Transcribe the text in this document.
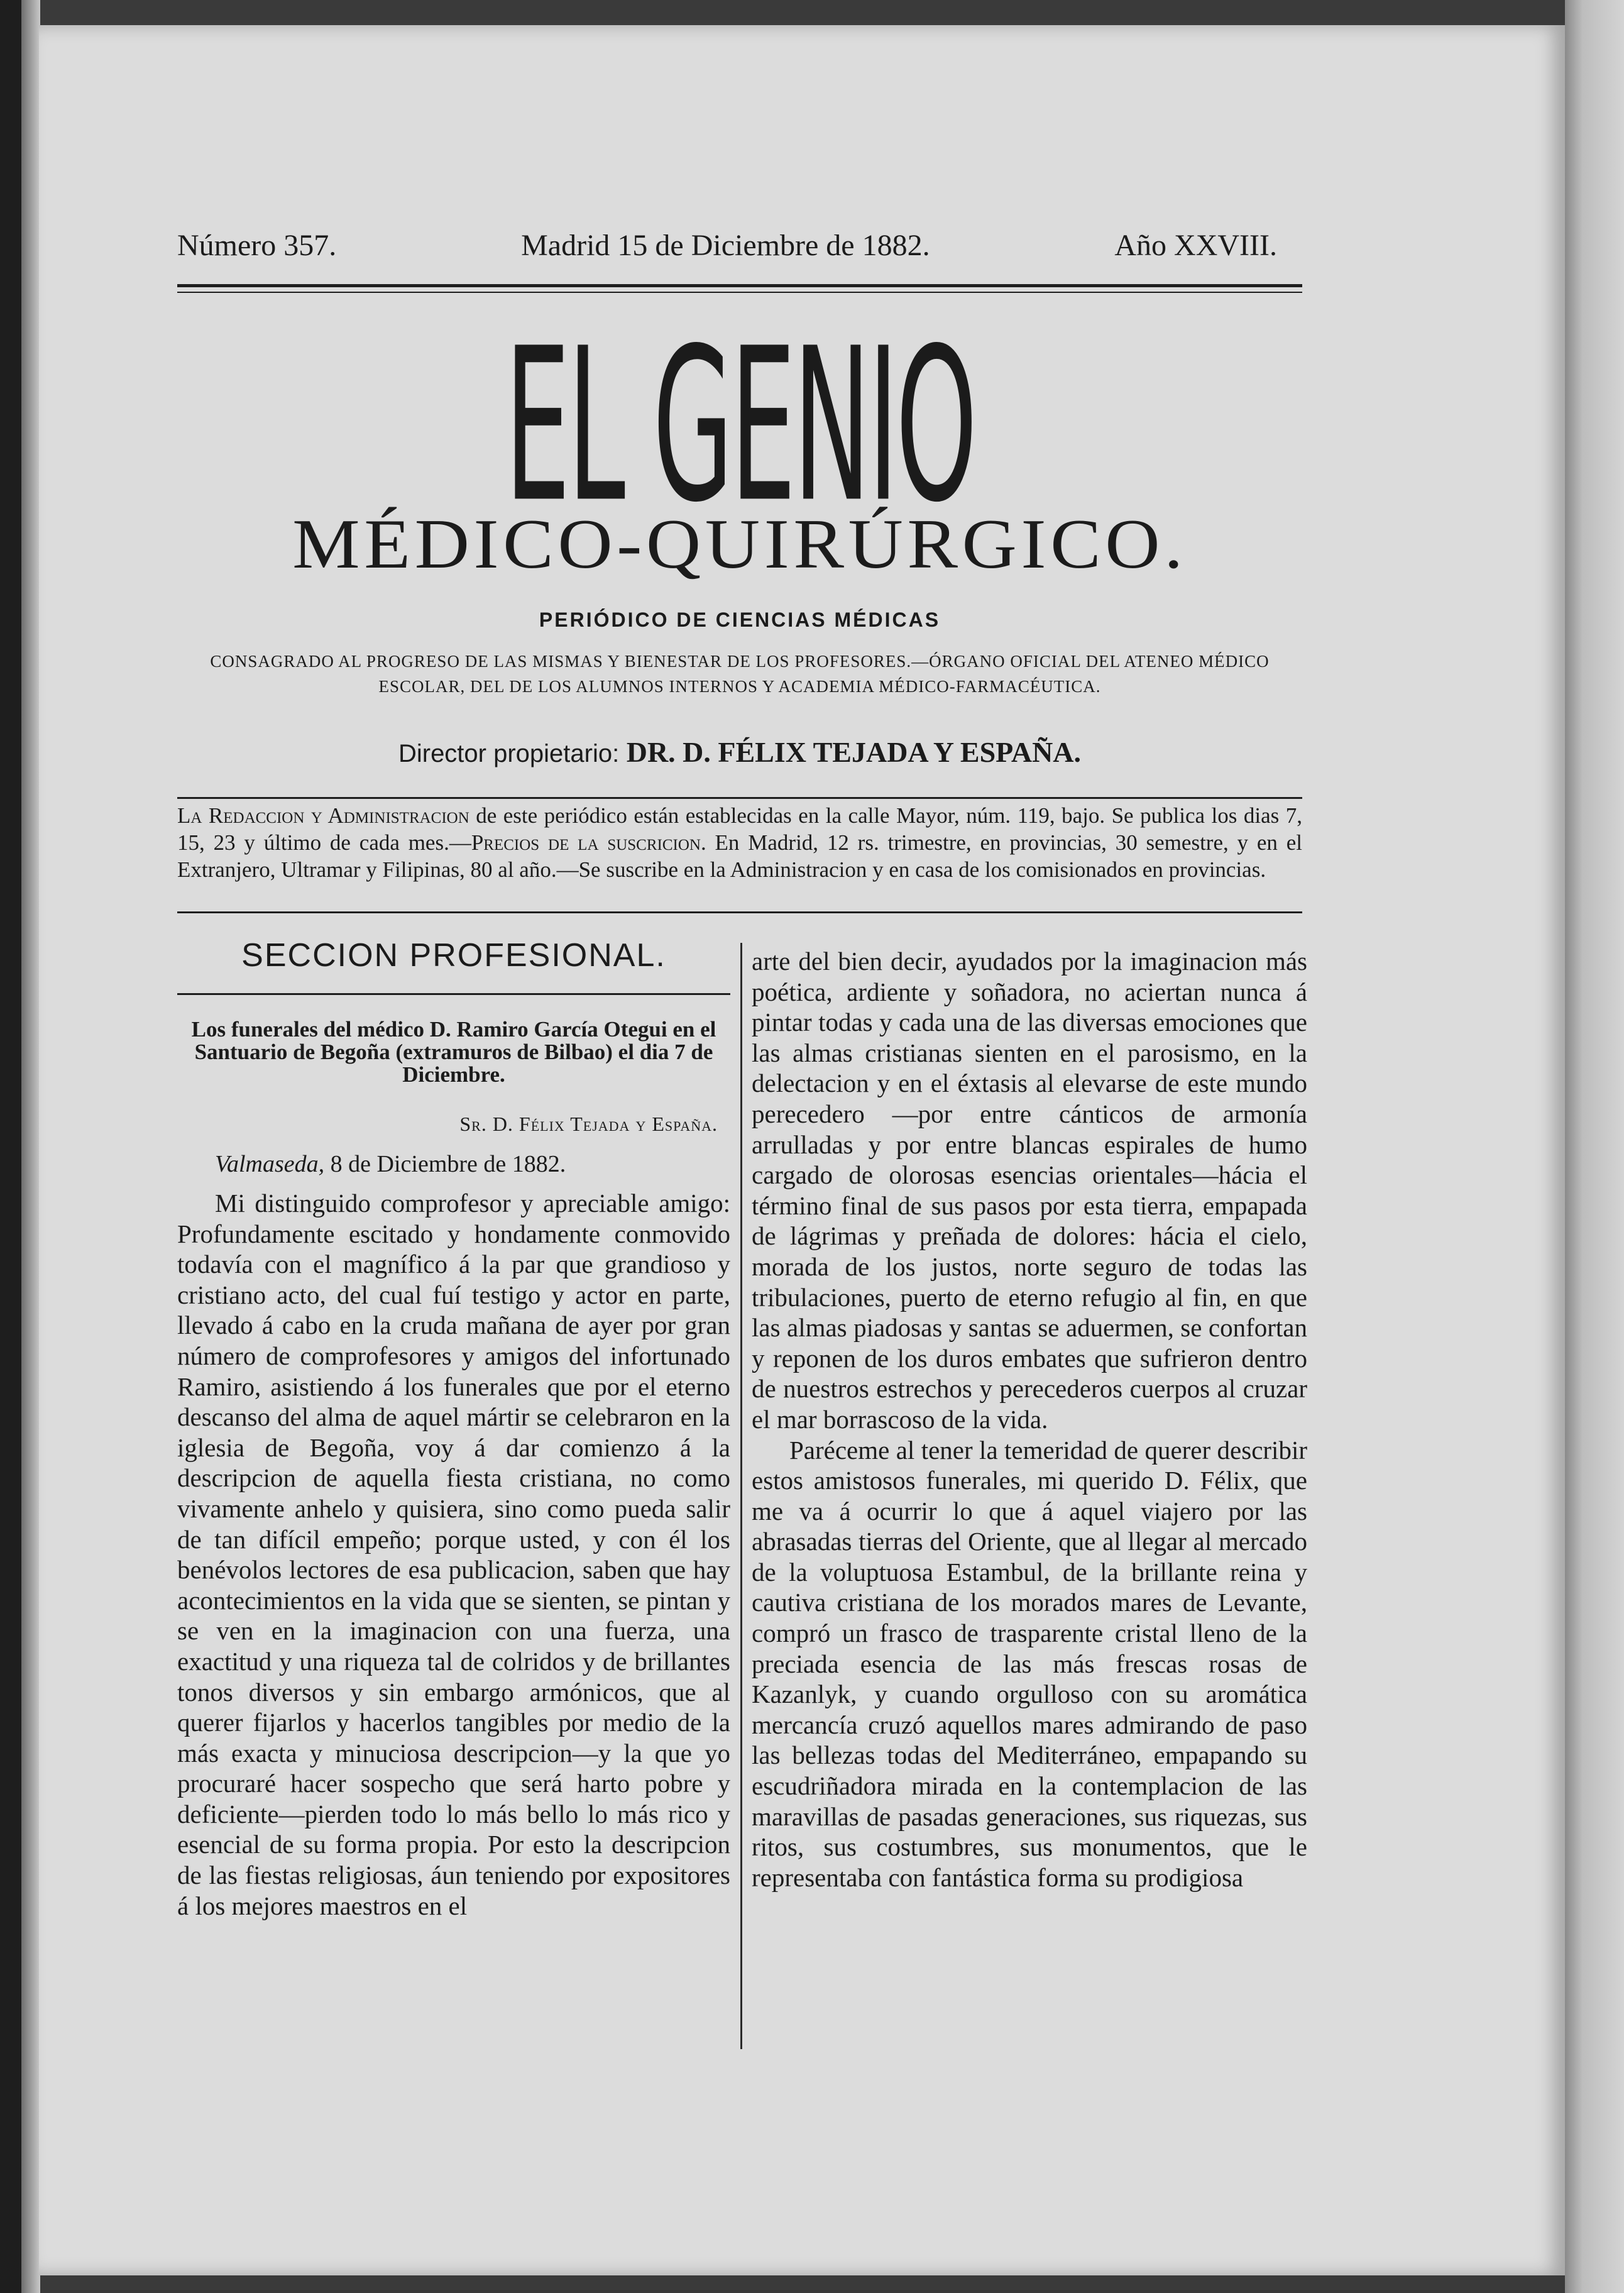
Número 357.	Madrid 15 de Diciembre de 1882.	Año XXVIII.
EL GENIO
MÉDICO-QUIRÚRGICO.
PERIÓDICO DE CIENCIAS MÉDICAS
CONSAGRADO AL PROGRESO DE LAS MISMAS Y BIENESTAR DE LOS PROFESORES.—ÓRGANO OFICIAL DEL ATENEO MÉDICO ESCOLAR, DEL DE LOS ALUMNOS INTERNOS Y ACADEMIA MÉDICO-FARMACÉUTICA.
Director propietario: DR. D. FÉLIX TEJADA Y ESPAÑA.
La Redaccion y Administracion de este periódico están establecidas en la calle Mayor, núm. 119, bajo. Se publica los dias 7, 15, 23 y último de cada mes.—Precios de la suscricion. En Madrid, 12 rs. trimestre, en provincias, 30 semestre, y en el Extranjero, Ultramar y Filipinas, 80 al año.—Se suscribe en la Administracion y en casa de los comisionados en provincias.
SECCION PROFESIONAL.
Los funerales del médico D. Ramiro García Otegui en el Santuario de Begoña (extramuros de Bilbao) el dia 7 de Diciembre.
Sr. D. Félix Tejada y España.
Valmaseda, 8 de Diciembre de 1882.

Mi distinguido comprofesor y apreciable amigo: Profundamente escitado y hondamente conmovido todavía con el magnífico á la par que grandioso y cristiano acto, del cual fuí testigo y actor en parte, llevado á cabo en la cruda mañana de ayer por gran número de comprofesores y amigos del infortunado Ramiro, asistiendo á los funerales que por el eterno descanso del alma de aquel mártir se celebraron en la iglesia de Begoña, voy á dar comienzo á la descripcion de aquella fiesta cristiana, no como vivamente anhelo y quisiera, sino como pueda salir de tan difícil empeño; porque usted, y con él los benévolos lectores de esa publicacion, saben que hay acontecimientos en la vida que se sienten, se pintan y se ven en la imaginacion con una fuerza, una exactitud y una riqueza tal de colridos y de brillantes tonos diversos y sin embargo armónicos, que al querer fijarlos y hacerlos tangibles por medio de la más exacta y minuciosa descripcion—y la que yo procuraré hacer sospecho que será harto pobre y deficiente—pierden todo lo más bello lo más rico y esencial de su forma propia. Por esto la descripcion de las fiestas religiosas, áun teniendo por expositores á los mejores maestros en el

arte del bien decir, ayudados por la imaginacion más poética, ardiente y soñadora, no aciertan nunca á pintar todas y cada una de las diversas emociones que las almas cristianas sienten en el parosismo, en la delectacion y en el éxtasis al elevarse de este mundo perecedero —por entre cánticos de armonía arrulladas y por entre blancas espirales de humo cargado de olorosas esencias orientales—hácia el término final de sus pasos por esta tierra, empapada de lágrimas y preñada de dolores: hácia el cielo, morada de los justos, norte seguro de todas las tribulaciones, puerto de eterno refugio al fin, en que las almas piadosas y santas se aduermen, se confortan y reponen de los duros embates que sufrieron dentro de nuestros estrechos y perecederos cuerpos al cruzar el mar borrascoso de la vida.

Paréceme al tener la temeridad de querer describir estos amistosos funerales, mi querido D. Félix, que me va á ocurrir lo que á aquel viajero por las abrasadas tierras del Oriente, que al llegar al mercado de la voluptuosa Estambul, de la brillante reina y cautiva cristiana de los morados mares de Levante, compró un frasco de trasparente cristal lleno de la preciada esencia de las más frescas rosas de Kazanlyk, y cuando orgulloso con su aromática mercancía cruzó aquellos mares admirando de paso las bellezas todas del Mediterráneo, empapando su escudriñadora mirada en la contemplacion de las maravillas de pasadas generaciones, sus riquezas, sus ritos, sus costumbres, sus monumentos, que le representaba con fantástica forma su prodigiosa
